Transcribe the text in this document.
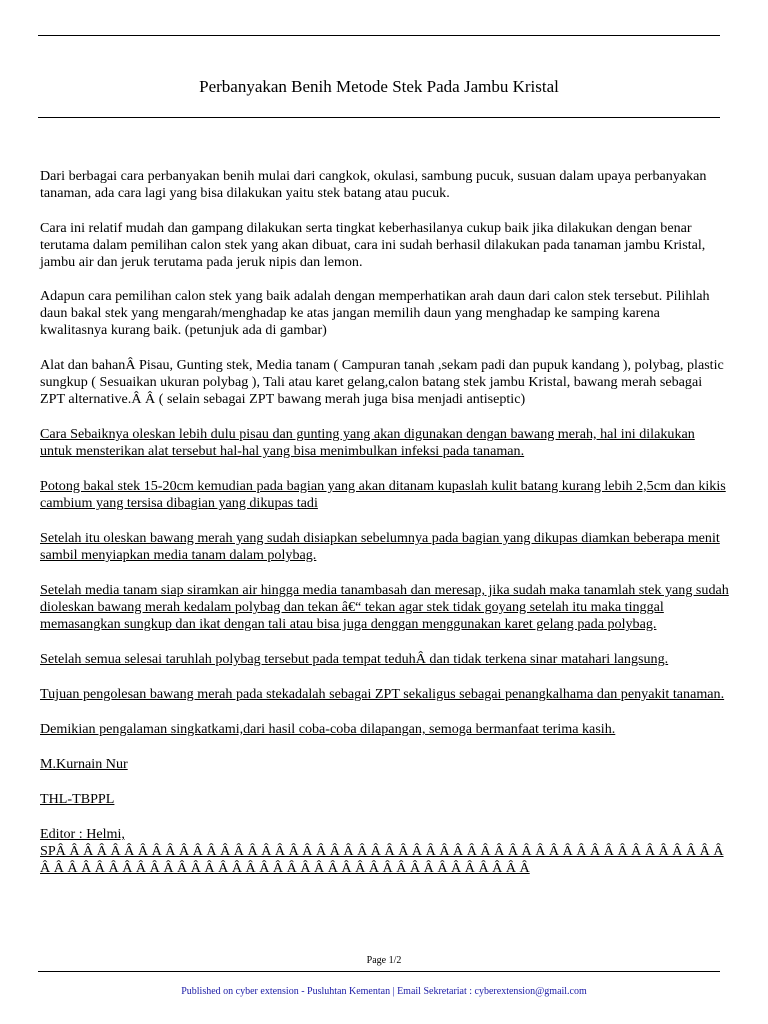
Perbanyakan Benih Metode Stek Pada Jambu Kristal

Dari berbagai cara perbanyakan benih mulai dari cangkok, okulasi, sambung pucuk, susuan dalam upaya perbanyakan tanaman, ada cara lagi yang bisa dilakukan yaitu stek batang atau pucuk.

Cara ini relatif mudah dan gampang dilakukan serta tingkat keberhasilanya cukup baik jika dilakukan dengan benar terutama dalam pemilihan calon stek yang akan dibuat, cara ini sudah berhasil dilakukan pada tanaman jambu Kristal, jambu air dan jeruk terutama pada jeruk nipis dan lemon.

Adapun cara pemilihan calon stek yang baik adalah dengan memperhatikan arah daun dari calon stek tersebut. Pilihlah daun bakal stek yang mengarah/menghadap ke atas jangan memilih daun yang menghadap ke samping karena kwalitasnya kurang baik. (petunjuk ada di gambar)

Alat dan bahanÂ Pisau, Gunting stek, Media tanam ( Campuran tanah ,sekam padi dan pupuk kandang ), polybag, plastic sungkup ( Sesuaikan ukuran polybag ), Tali atau karet gelang,calon batang stek jambu Kristal, bawang merah sebagai ZPT alternative.Â Â ( selain sebagai ZPT bawang merah juga bisa menjadi antiseptic)

Cara Sebaiknya oleskan lebih dulu pisau dan gunting yang akan digunakan dengan bawang merah, hal ini dilakukan untuk mensterikan alat tersebut hal-hal yang bisa menimbulkan infeksi pada tanaman.

Potong bakal stek 15-20cm kemudian pada bagian yang akan ditanam kupaslah kulit batang kurang lebih 2,5cm dan kikis cambium yang tersisa dibagian yang dikupas tadi

Setelah itu oleskan bawang merah yang sudah disiapkan sebelumnya pada bagian yang dikupas diamkan beberapa menit sambil menyiapkan media tanam dalam polybag.

Setelah media tanam siap siramkan air hingga media tanambasah dan meresap, jika sudah maka tanamlah stek yang sudah dioleskan bawang merah kedalam polybag dan tekan â€“ tekan agar stek tidak goyang setelah itu maka tinggal memasangkan sungkup dan ikat dengan tali atau bisa juga denggan menggunakan karet gelang pada polybag.

Setelah semua selesai taruhlah polybag tersebut pada tempat teduhÂ dan tidak terkena sinar matahari langsung.

Tujuan pengolesan bawang merah pada stekadalah sebagai ZPT sekaligus sebagai penangkalhama dan penyakit tanaman.

Demikian pengalaman singkatkami,dari hasil coba-coba dilapangan, semoga bermanfaat terima kasih.

M.Kurnain Nur

THL-TBPPL

Editor : Helmi,

SPÂ Â Â Â Â Â Â Â Â Â Â Â Â Â Â Â Â Â Â Â Â Â Â Â Â Â Â Â Â Â Â Â Â Â Â Â Â Â Â Â Â Â Â Â Â Â Â Â Â Â Â Â Â Â Â Â Â Â Â Â Â Â Â Â Â Â Â Â Â Â Â Â Â Â Â Â Â Â Â Â Â Â Â Â Â

Page 1/2
Published on cyber extension - Pusluhtan Kementan | Email Sekretariat : cyberextension@gmail.com
